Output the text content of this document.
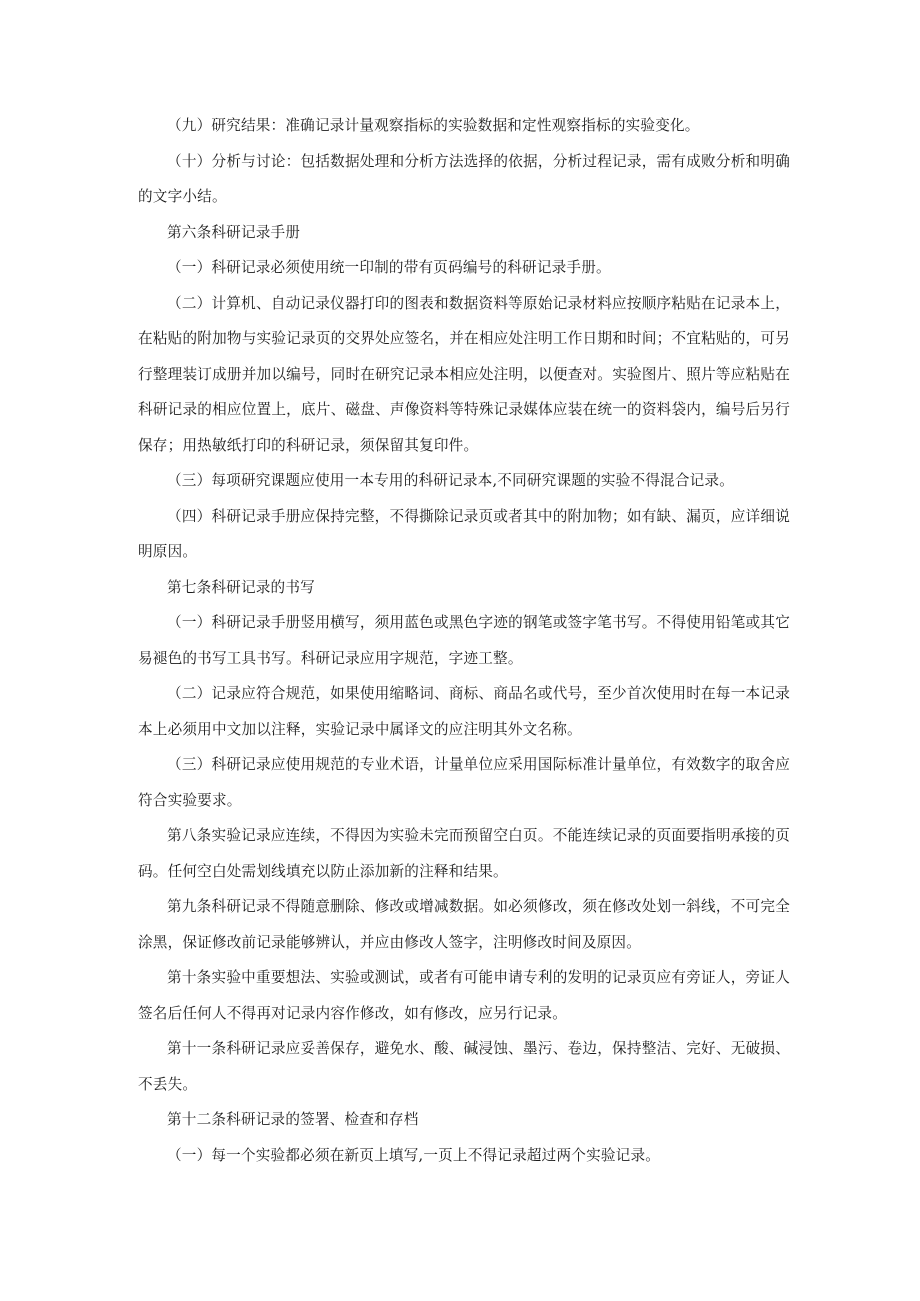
（九）研究结果：准确记录计量观察指标的实验数据和定性观察指标的实验变化。

（十）分析与讨论：包括数据处理和分析方法选择的依据，分析过程记录，需有成败分析和明确的文字小结。

第六条科研记录手册

（一）科研记录必须使用统一印制的带有页码编号的科研记录手册。

（二）计算机、自动记录仪器打印的图表和数据资料等原始记录材料应按顺序粘贴在记录本上，在粘贴的附加物与实验记录页的交界处应签名，并在相应处注明工作日期和时间；不宜粘贴的，可另行整理装订成册并加以编号，同时在研究记录本相应处注明，以便查对。实验图片、照片等应粘贴在科研记录的相应位置上，底片、磁盘、声像资料等特殊记录媒体应装在统一的资料袋内，编号后另行保存；用热敏纸打印的科研记录，须保留其复印件。

（三）每项研究课题应使用一本专用的科研记录本,不同研究课题的实验不得混合记录。

（四）科研记录手册应保持完整，不得撕除记录页或者其中的附加物；如有缺、漏页，应详细说明原因。

第七条科研记录的书写

（一）科研记录手册竖用横写，须用蓝色或黑色字迹的钢笔或签字笔书写。不得使用铅笔或其它易褪色的书写工具书写。科研记录应用字规范，字迹工整。

（二）记录应符合规范，如果使用缩略词、商标、商品名或代号，至少首次使用时在每一本记录本上必须用中文加以注释，实验记录中属译文的应注明其外文名称。

（三）科研记录应使用规范的专业术语，计量单位应采用国际标准计量单位，有效数字的取舍应符合实验要求。

第八条实验记录应连续，不得因为实验未完而预留空白页。不能连续记录的页面要指明承接的页码。任何空白处需划线填充以防止添加新的注释和结果。

第九条科研记录不得随意删除、修改或增减数据。如必须修改，须在修改处划一斜线，不可完全涂黑，保证修改前记录能够辨认，并应由修改人签字，注明修改时间及原因。

第十条实验中重要想法、实验或测试，或者有可能申请专利的发明的记录页应有旁证人，旁证人签名后任何人不得再对记录内容作修改，如有修改，应另行记录。

第十一条科研记录应妥善保存，避免水、酸、碱浸蚀、墨污、卷边，保持整洁、完好、无破损、不丢失。

第十二条科研记录的签署、检查和存档

（一）每一个实验都必须在新页上填写,一页上不得记录超过两个实验记录。
